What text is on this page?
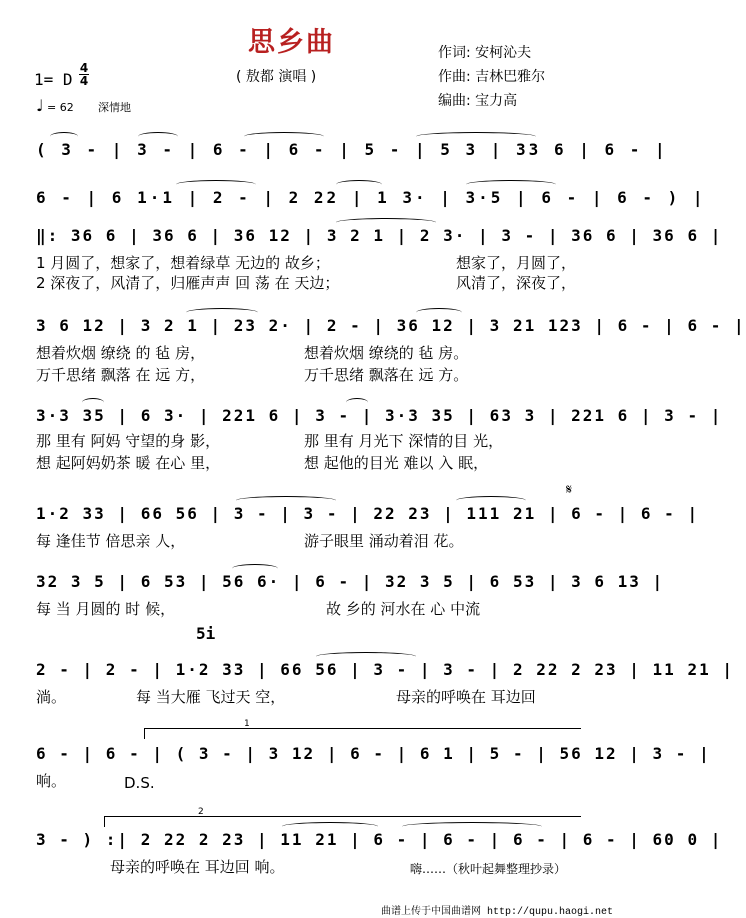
思乡曲
( 敖都 演唱 )
作词: 安柯沁夫
作曲: 吉林巴雅尔
编曲: 宝力高
1= D
4
4
♩ = 62 深情地
( 3 - | 3 - | 6 - | 6 - | 5 - | 5 3 | 33 6 | 6 - |
6 - | 6 1·1 | 2 - | 2 22 | 1 3· | 3·5 | 6 - | 6 - ) |
‖: 36 6 | 36 6 | 36 12 | 3 2 1 | 2 3· | 3 - | 36 6 | 36 6 |
1 月圆了，想家了，想着绿草 无边的 故乡；	想家了，月圆了，
2 深夜了，风清了，归雁声声 回 荡 在 天边；	风清了，深夜了，
3 6 12 | 3 2 1 | 23 2· | 2 - | 36 12 | 3 21 123 | 6 - | 6 - |
想着炊烟 缭绕 的 毡 房，	想着炊烟 缭绕的 毡 房。
万千思绪 飘落 在 远 方，	万千思绪 飘落在 远 方。
3·3 35 | 6 3· | 221 6 | 3 - | 3·3 35 | 63 3 | 221 6 | 3 - |
那 里有 阿妈 守望的身 影，	那 里有 月光下 深情的目 光，
想 起阿妈奶茶 暖 在心 里，	想 起他的目光 难以 入 眠，
𝄋
1·2 33 | 66 56 | 3 - | 3 - | 22 23 | 111 21 | 6 - | 6 - |
每 逢佳节 倍思亲 人，	游子眼里 涌动着泪 花。
32 3 5 | 6 53 | 56 6· | 6 - | 32 3 5 | 6 53 | 3 6 13 |
每 当 月圆的 时 候，	故 乡的 河水在 心 中流
5i
2 - | 2 - | 1·2 33 | 66 56 | 3 - | 3 - | 2 22 2 23 | 11 21 |
淌。	每 当大雁 飞过天 空，	母亲的呼唤在 耳边回
1
6 - | 6 - | ( 3 - | 3 12 | 6 - | 6 1 | 5 - | 56 12 | 3 - |
响。	D.S.
2
3 - ) :| 2 22 2 23 | 11 21 | 6 - | 6 - | 6 - | 6 - | 60 0 |
母亲的呼唤在 耳边回 响。	嗨……（秋叶起舞整理抄录）
曲谱上传于中国曲谱网 http://qupu.haogi.net
